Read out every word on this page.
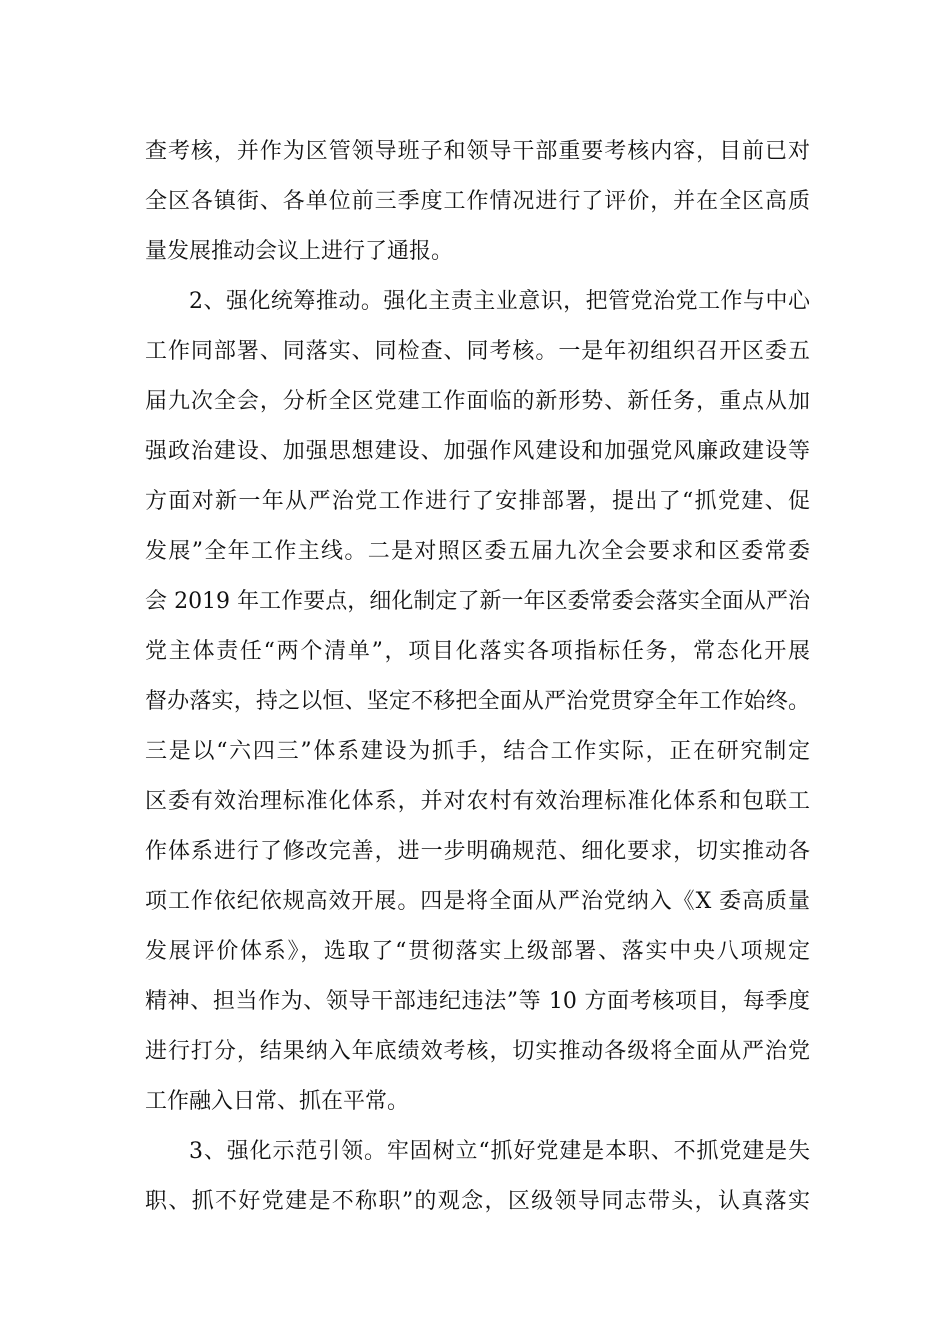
查考核，并作为区管领导班子和领导干部重要考核内容，目前已对
全区各镇街、各单位前三季度工作情况进行了评价，并在全区高质
量发展推动会议上进行了通报。
2、强化统筹推动。强化主责主业意识，把管党治党工作与中心
工作同部署、同落实、同检查、同考核。一是年初组织召开区委五
届九次全会，分析全区党建工作面临的新形势、新任务，重点从加
强政治建设、加强思想建设、加强作风建设和加强党风廉政建设等
方面对新一年从严治党工作进行了安排部署，提出了“抓党建、促
发展”全年工作主线。二是对照区委五届九次全会要求和区委常委
会 2019 年工作要点，细化制定了新一年区委常委会落实全面从严治
党主体责任“两个清单”，项目化落实各项指标任务，常态化开展
督办落实，持之以恒、坚定不移把全面从严治党贯穿全年工作始终。
三是以“六四三”体系建设为抓手，结合工作实际，正在研究制定
区委有效治理标准化体系，并对农村有效治理标准化体系和包联工
作体系进行了修改完善，进一步明确规范、细化要求，切实推动各
项工作依纪依规高效开展。四是将全面从严治党纳入《X 委高质量
发展评价体系》，选取了“贯彻落实上级部署、落实中央八项规定
精神、担当作为、领导干部违纪违法”等 10 方面考核项目，每季度
进行打分，结果纳入年底绩效考核，切实推动各级将全面从严治党
工作融入日常、抓在平常。
3、强化示范引领。牢固树立“抓好党建是本职、不抓党建是失
职、抓不好党建是不称职”的观念，区级领导同志带头，认真落实
